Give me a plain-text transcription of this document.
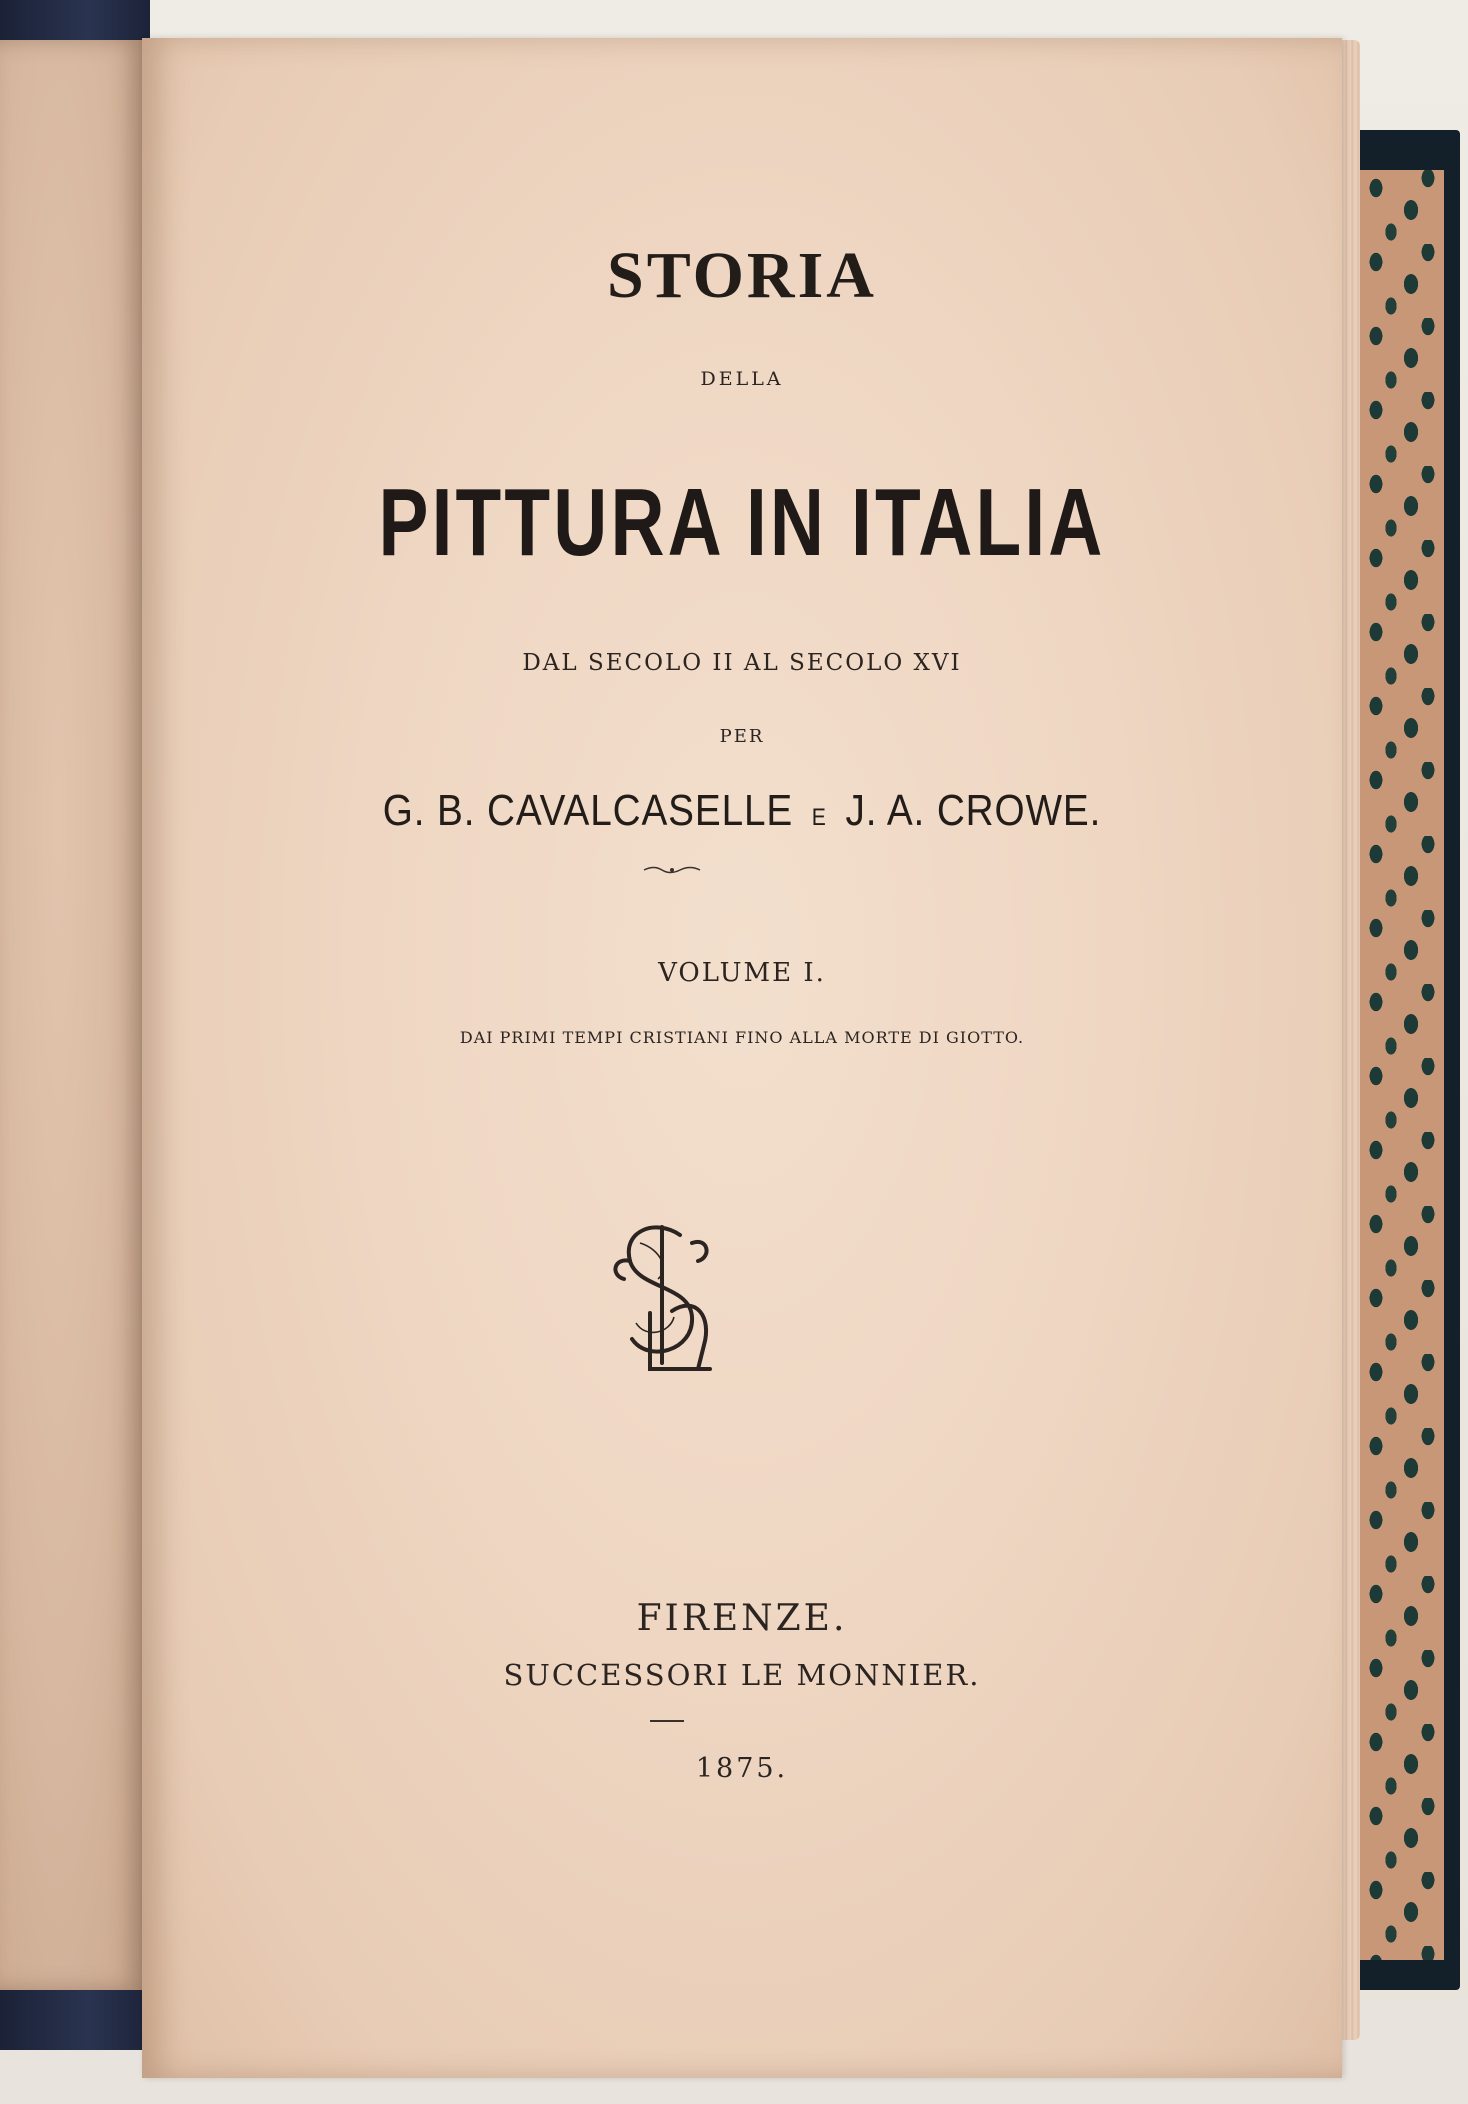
STORIA

DELLA

PITTURA IN ITALIA

DAL SECOLO II AL SECOLO XVI

PER

G. B. CAVALCASELLE E J. A. CROWE.

VOLUME I.

DAI PRIMI TEMPI CRISTIANI FINO ALLA MORTE DI GIOTTO.

FIRENZE.

SUCCESSORI LE MONNIER.

1875.
